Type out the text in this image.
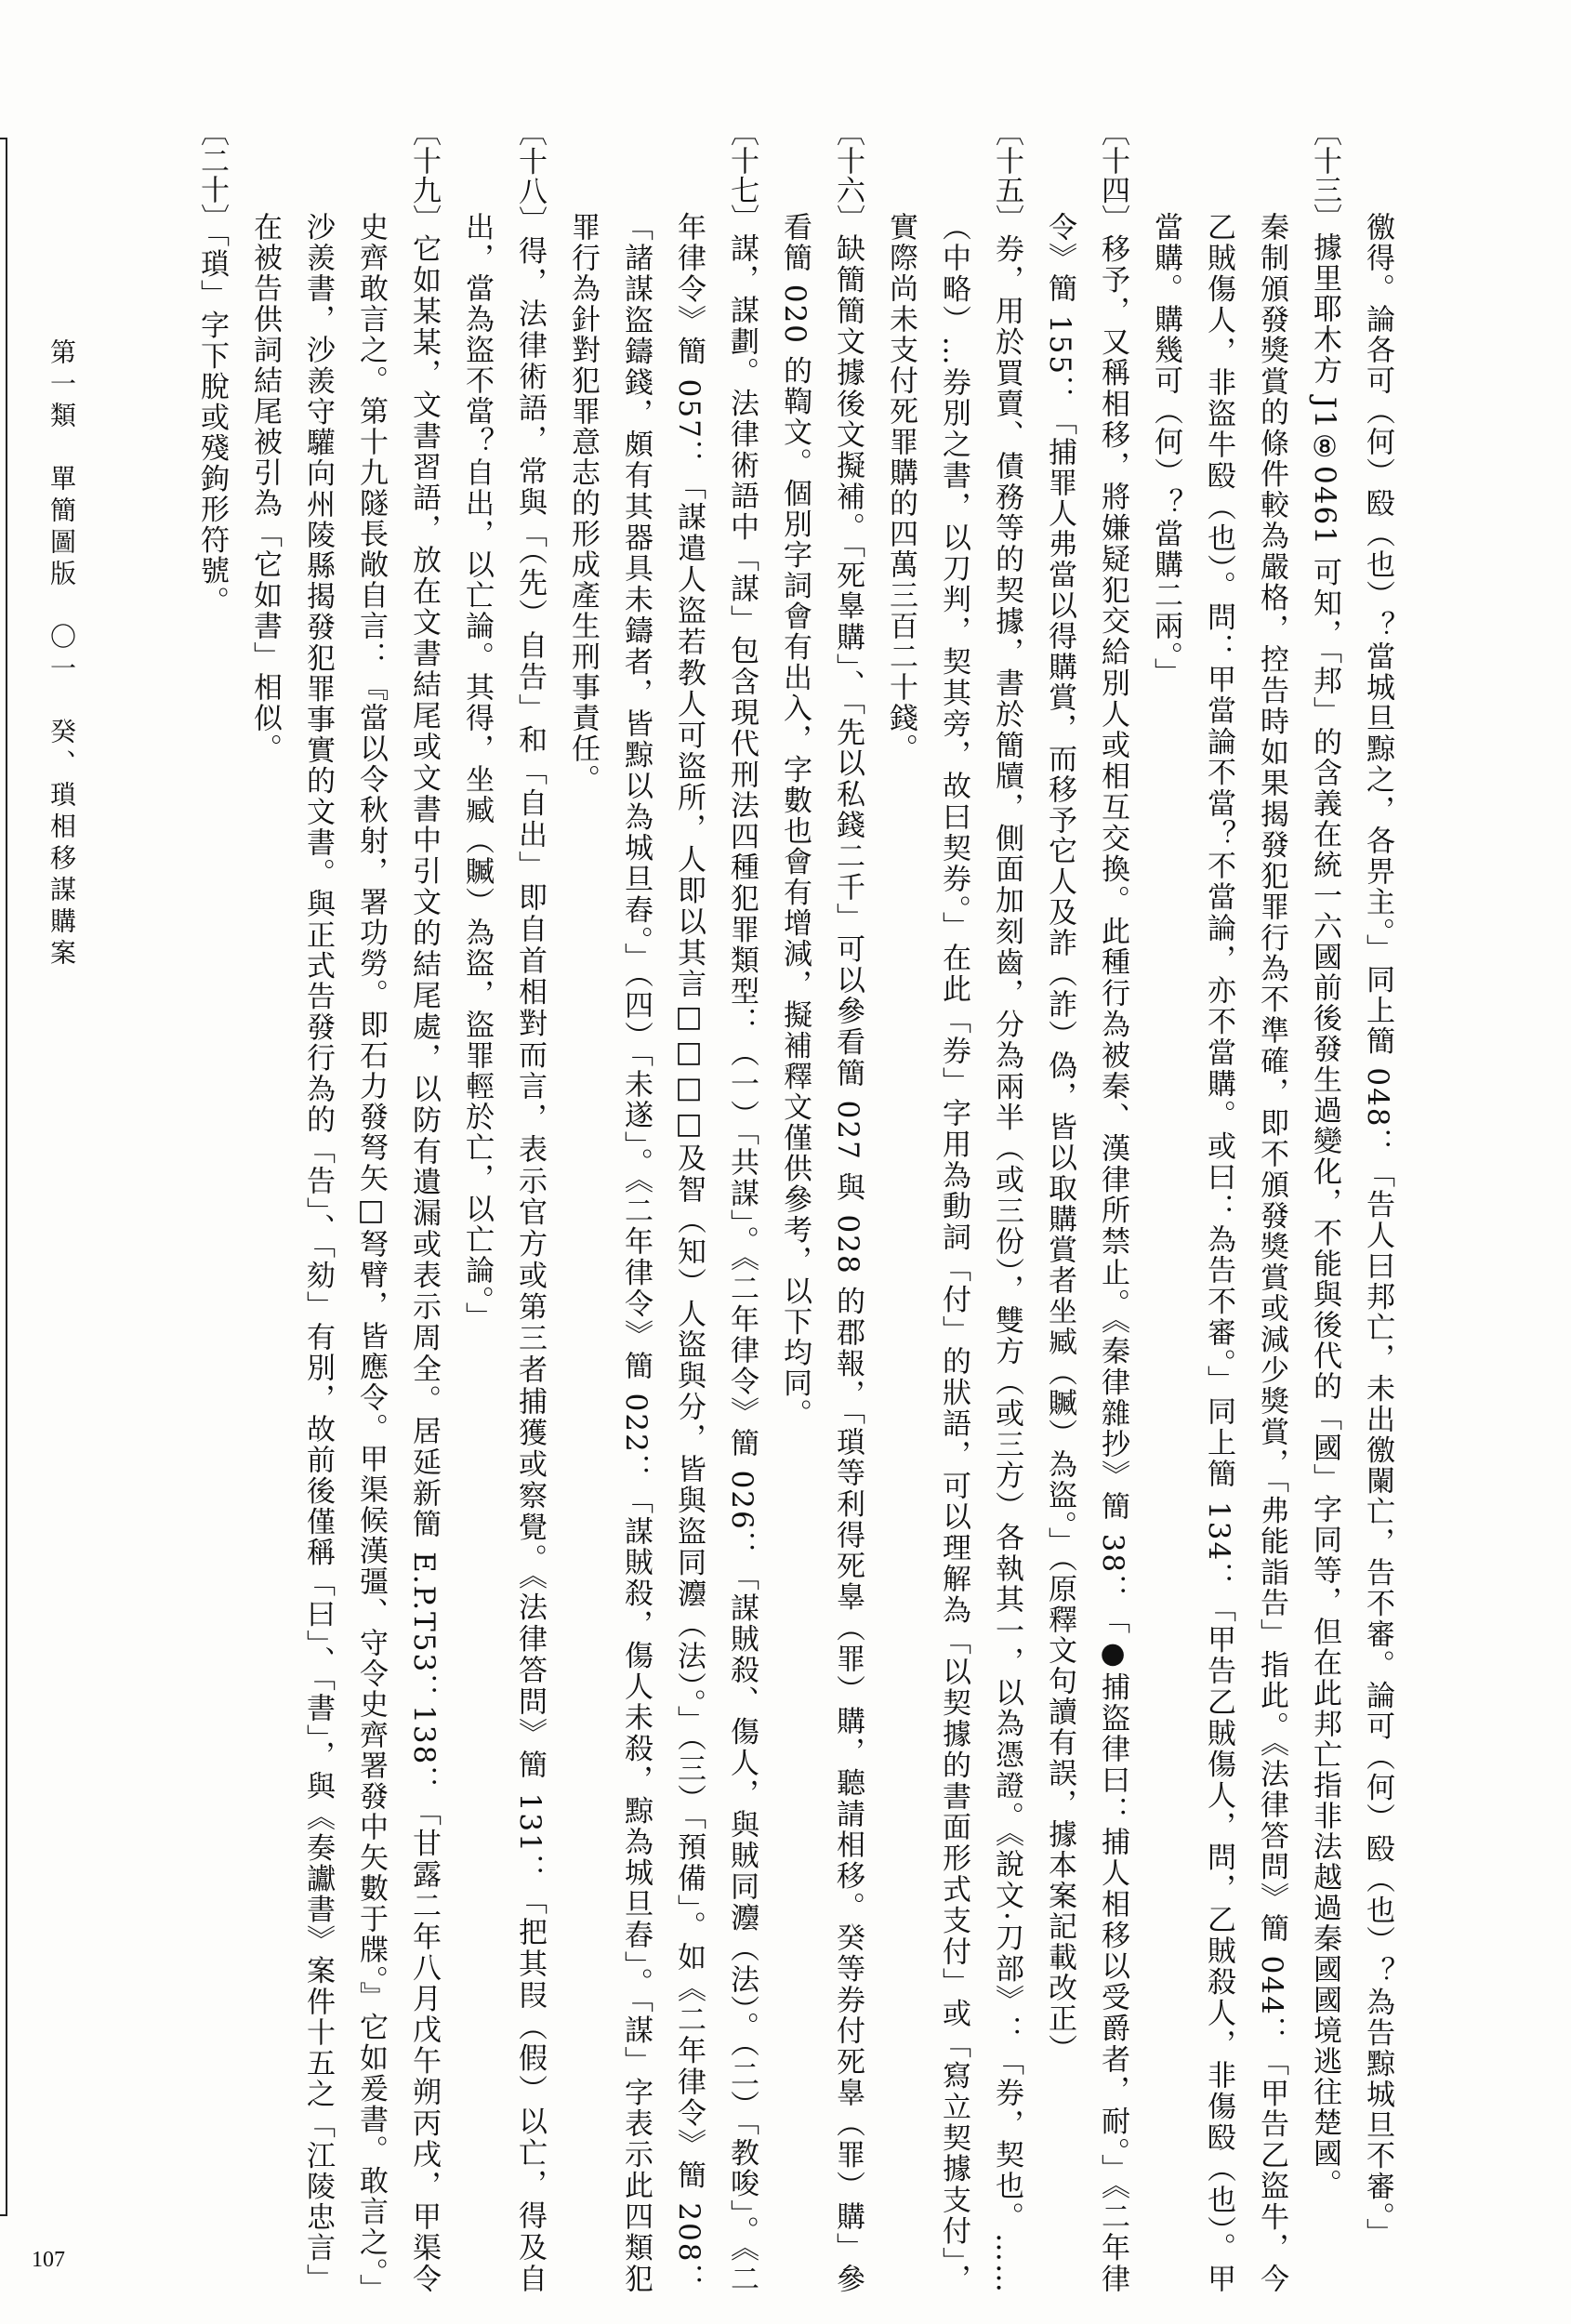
第一類　單簡圖版　〇一　癸、瑣相移謀購案	徼得。論各可（何）殹（也）？當城旦黥之，各畀主。」同上簡 048：「告人曰邦亡，未出徼闌亡，告不審。論可（何）殹（也）？為告黥城旦不審。」

〔十三〕據里耶木方 J1⑧0461 可知，「邦」的含義在統一六國前後發生過變化，不能與後代的「國」字同等，但在此邦亡指非法越過秦國國境逃往楚國。

秦制頒發獎賞的條件較為嚴格，控告時如果揭發犯罪行為不準確，即不頒發獎賞或減少獎賞，「弗能詣告」指此。《法律答問》簡 044：「甲告乙盜牛，今乙賊傷人，非盜牛殹（也）。問：甲當論不當？不當論，亦不當購。或曰：為告不審。」同上簡 134：「甲告乙賊傷人，問，乙賊殺人，非傷殹（也）。甲當購。購幾可（何）？當購二兩。」

〔十四〕移予，又稱相移，將嫌疑犯交給別人或相互交換。此種行為被秦、漢律所禁止。《秦律雜抄》簡 38：「●捕盜律曰：捕人相移以受爵者，耐。」《二年律令》簡 155：「捕罪人弗當以得購賞，而移予它人及詐（詐）偽，皆以取購賞者坐臧（贓）為盜。」（原釋文句讀有誤，據本案記載改正）

〔十五〕券，用於買賣、債務等的契據，書於簡牘，側面加刻齒，分為兩半（或三份），雙方（或三方）各執其一，以為憑證。《說文·刀部》：「券，契也。……（中略）…券別之書，以刀判，契其旁，故曰契券。」在此「券」字用為動詞「付」的狀語，可以理解為「以契據的書面形式支付」或「寫立契據支付」，實際尚未支付死罪購的四萬三百二十錢。

〔十六〕缺簡簡文據後文擬補。「死辠購」、「先以私錢二千」可以參看簡 027 與 028 的郡報，「瑣等利得死辠（罪）購，聽請相移。癸等券付死辠（罪）購」參看簡 020 的鞫文。個別字詞會有出入，字數也會有增減，擬補釋文僅供參考，以下均同。

〔十七〕謀，謀劃。法律術語中「謀」包含現代刑法四種犯罪類型：（一）「共謀」。《二年律令》簡 026：「謀賊殺、傷人，與賊同灋（法）。（二）「教唆」。《二年律令》簡 057：「謀遣人盜若教人可盜所，人即以其言□□□□及智（知）人盜與分，皆與盜同灋（法）。」（三）「預備」。如《二年律令》簡 208：「諸謀盜鑄錢，頗有其器具未鑄者，皆黥以為城旦舂。」（四）「未遂」。《二年律令》簡 022：「謀賊殺，傷人未殺，黥為城旦舂」。「謀」字表示此四類犯罪行為針對犯罪意志的形成產生刑事責任。

〔十八〕得，法律術語，常與「（先）自告」和「自出」即自首相對而言，表示官方或第三者捕獲或察覺。《法律答問》簡 131：「把其叚（假）以亡，得及自出，當為盜不當？自出，以亡論。其得，坐臧（贓）為盜，盜罪輕於亡，以亡論。」

〔十九〕它如某某，文書習語，放在文書結尾或文書中引文的結尾處，以防有遺漏或表示周全。居延新簡 E.P.T53：138：「甘露二年八月戊午朔丙戌，甲渠令史齊敢言之。第十九隧長敞自言：『當以令秋射，署功勞。即石力發弩矢□弩臂，皆應令。甲渠候漢彊、守令史齊署發中矢數于牒。』它如爰書。敢言之。」

沙羨書，沙羨守驩向州陵縣揭發犯罪事實的文書。與正式告發行為的「告」、「劾」有別，故前後僅稱「曰」、「書」，與《奏讞書》案件十五之「江陵忠言」在被告供詞結尾被引為「它如書」相似。

〔二十〕「瑣」字下脫或殘鉤形符號。

107
